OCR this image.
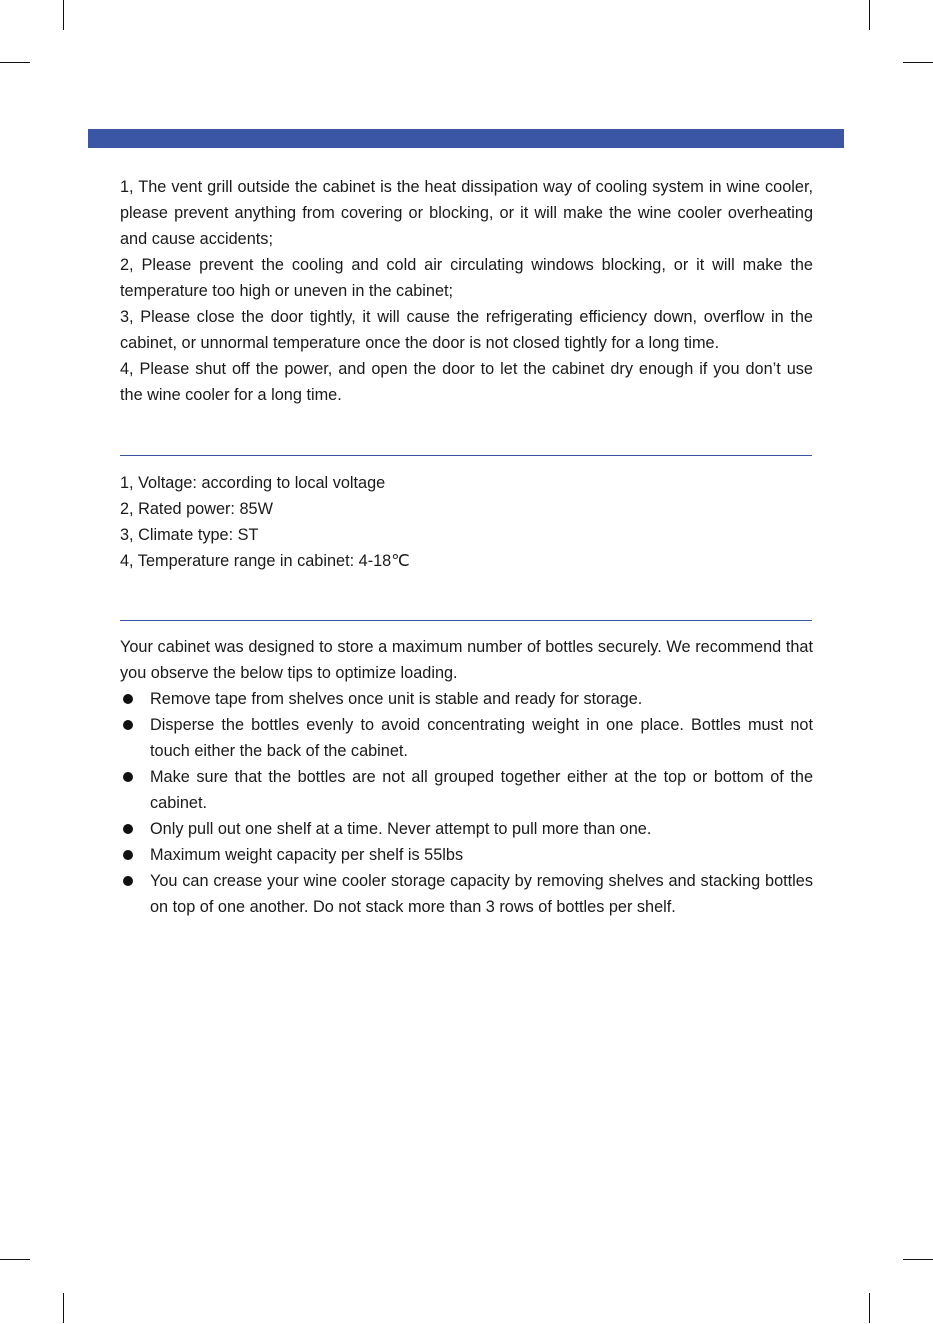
1, The vent grill outside the cabinet is the heat dissipation way of cooling system in wine cooler, please prevent anything from covering or blocking, or it will make the wine cooler overheating and cause accidents;

2, Please prevent the cooling and cold air circulating windows blocking, or it will make the temperature too high or uneven in the cabinet;

3, Please close the door tightly, it will cause the refrigerating efficiency down, overflow in the cabinet, or unnormal temperature once the door is not closed tightly for a long time.

4, Please shut off the power, and open the door to let the cabinet dry enough if you don’t use the wine cooler for a long time.

1, Voltage: according to local voltage

2, Rated power: 85W

3, Climate type: ST

4, Temperature range in cabinet: 4-18℃

Your cabinet was designed to store a maximum number of bottles securely. We recommend that you observe the below tips to optimize loading.

Remove tape from shelves once unit is stable and ready for storage.
Disperse the bottles evenly to avoid concentrating weight in one place. Bottles must not touch either the back of the cabinet.
Make sure that the bottles are not all grouped together either at the top or bottom of the cabinet.
Only pull out one shelf at a time. Never attempt to pull more than one.
Maximum weight capacity per shelf is 55lbs
You can crease your wine cooler storage capacity by removing shelves and stacking bottles on top of one another. Do not stack more than 3 rows of bottles per shelf.
